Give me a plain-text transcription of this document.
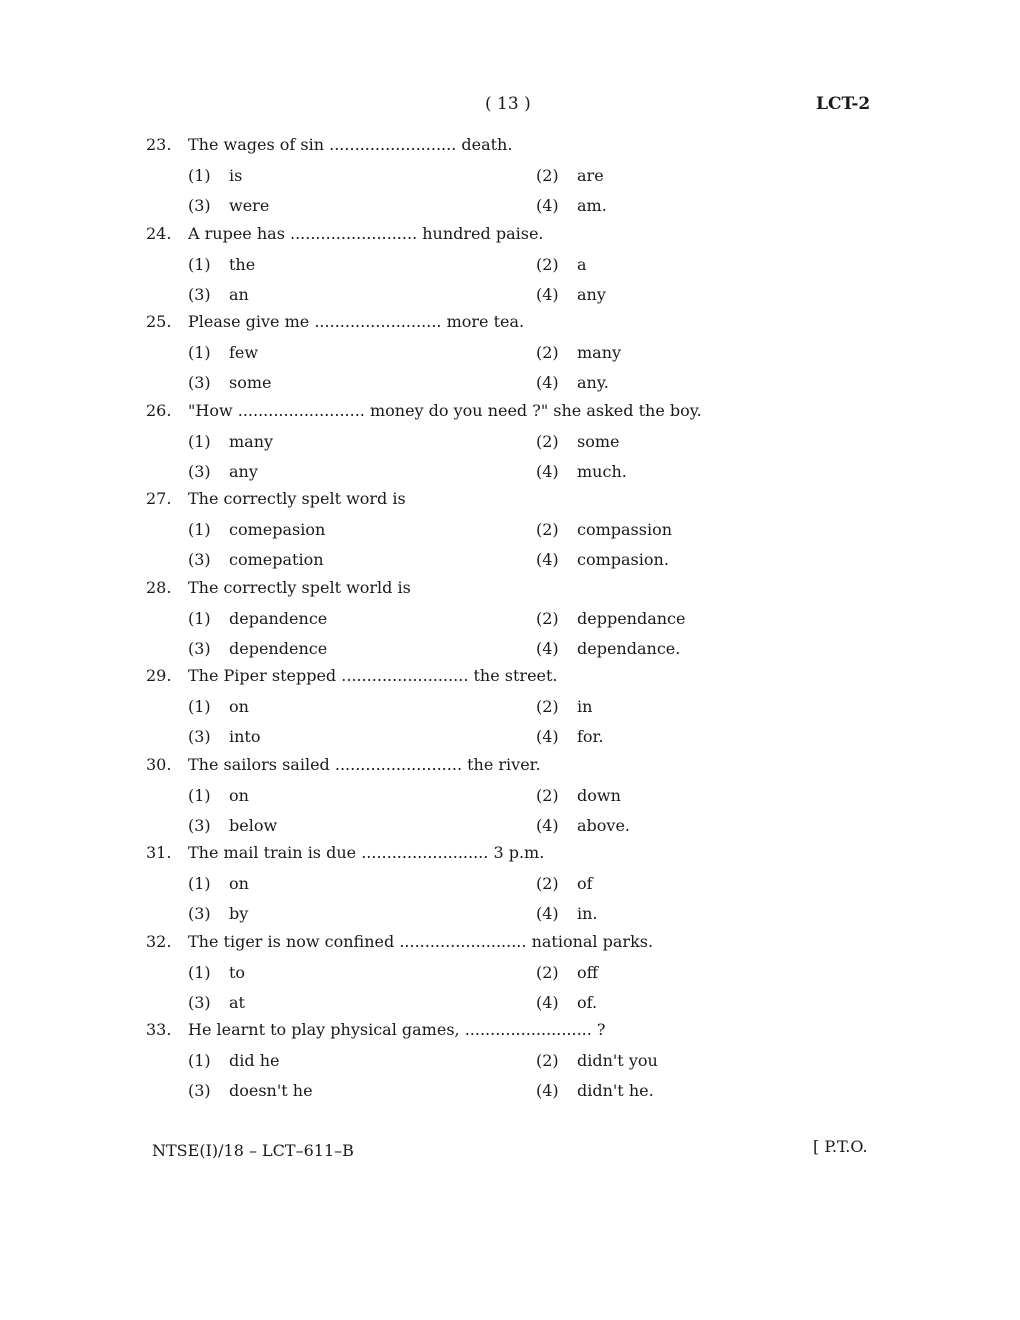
( 13 )	LCT-2
23. The wages of sin ......................... death.
(1) is	(2) are
(3) were	(4) am.
24. A rupee has ......................... hundred paise.
(1) the	(2) a
(3) an	(4) any
25. Please give me ......................... more tea.
(1) few	(2) many
(3) some	(4) any.
26. "How ......................... money do you need ?" she asked the boy.
(1) many	(2) some
(3) any	(4) much.
27. The correctly spelt word is
(1) comepasion	(2) compassion
(3) comepation	(4) compasion.
28. The correctly spelt world is
(1) depandence	(2) deppendance
(3) dependence	(4) dependance.
29. The Piper stepped ......................... the street.
(1) on	(2) in
(3) into	(4) for.
30. The sailors sailed ......................... the river.
(1) on	(2) down
(3) below	(4) above.
31. The mail train is due ......................... 3 p.m.
(1) on	(2) of
(3) by	(4) in.
32. The tiger is now confined ......................... national parks.
(1) to	(2) off
(3) at	(4) of.
33. He learnt to play physical games, ......................... ?
(1) did he	(2) didn't you
(3) doesn't he	(4) didn't he.
NTSE(I)/18 – LCT–611–B	[ P.T.O.
